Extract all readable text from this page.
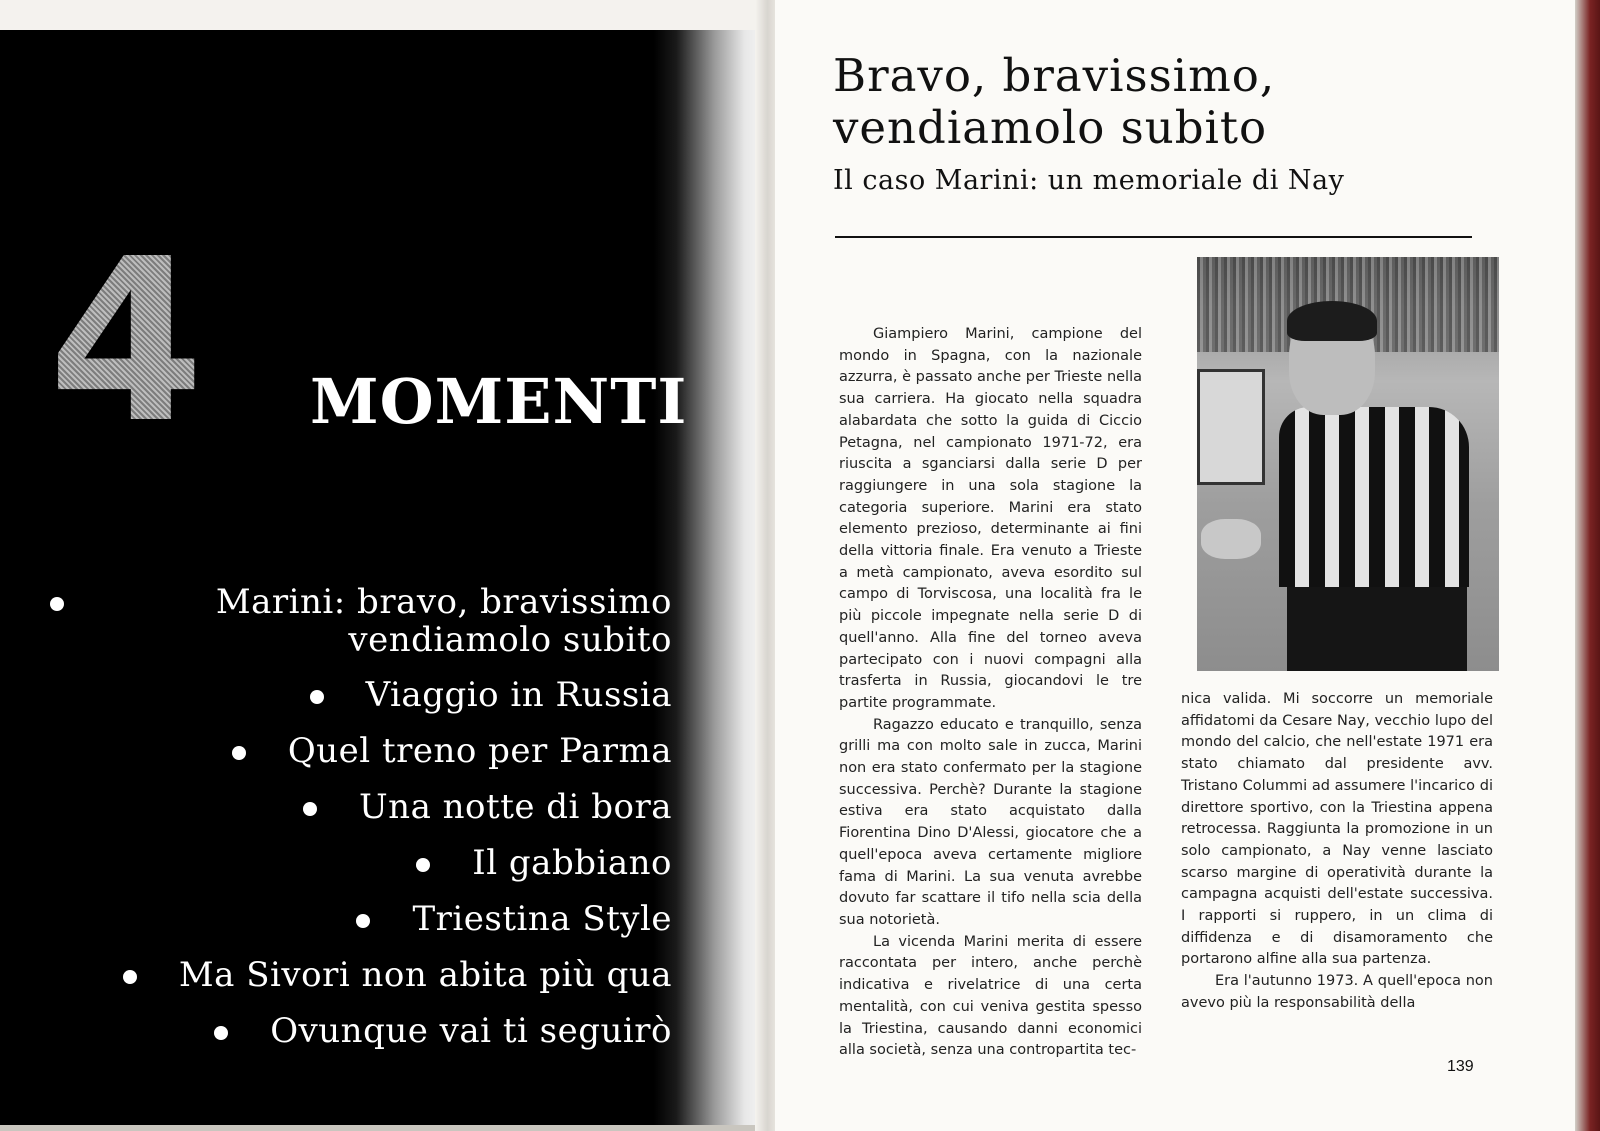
4 MOMENTI
Marini: bravo, bravissimo
vendiamolo subito
Viaggio in Russia
Quel treno per Parma
Una notte di bora
Il gabbiano
Triestina Style
Ma Sivori non abita più qua
Ovunque vai ti seguirò
Bravo, bravissimo,
vendiamolo subito
Il caso Marini: un memoriale di Nay

Giampiero Marini, campione del mondo in Spagna, con la nazionale azzurra, è passato anche per Trieste nella sua carriera. Ha giocato nella squadra alabardata che sotto la guida di Ciccio Petagna, nel campionato 1971-72, era riuscita a sganciarsi dalla serie D per raggiungere in una sola stagione la categoria superiore. Marini era stato elemento prezioso, determinante ai fini della vittoria finale. Era venuto a Trieste a metà campionato, aveva esordito sul campo di Torviscosa, una località fra le più piccole impegnate nella serie D di quell'anno. Alla fine del torneo aveva partecipato con i nuovi compagni alla trasferta in Russia, giocandovi le tre partite programmate.

Ragazzo educato e tranquillo, senza grilli ma con molto sale in zucca, Marini non era stato confermato per la stagione successiva. Perchè? Durante la stagione estiva era stato acquistato dalla Fiorentina Dino D'Alessi, giocatore che a quell'epoca aveva certamente migliore fama di Marini. La sua venuta avrebbe dovuto far scattare il tifo nella scia della sua notorietà.

La vicenda Marini merita di essere raccontata per intero, anche perchè indicativa e rivelatrice di una certa mentalità, con cui veniva gestita spesso la Triestina, causando danni economici alla società, senza una contropartita tec-

nica valida. Mi soccorre un memoriale affidatomi da Cesare Nay, vecchio lupo del mondo del calcio, che nell'estate 1971 era stato chiamato dal presidente avv. Tristano Colummi ad assumere l'incarico di direttore sportivo, con la Triestina appena retrocessa. Raggiunta la promozione in un solo campionato, a Nay venne lasciato scarso margine di operatività durante la campagna acquisti dell'estate successiva. I rapporti si ruppero, in un clima di diffidenza e di disamoramento che portarono alfine alla sua partenza.

Era l'autunno 1973. A quell'epoca non avevo più la responsabilità della

139
